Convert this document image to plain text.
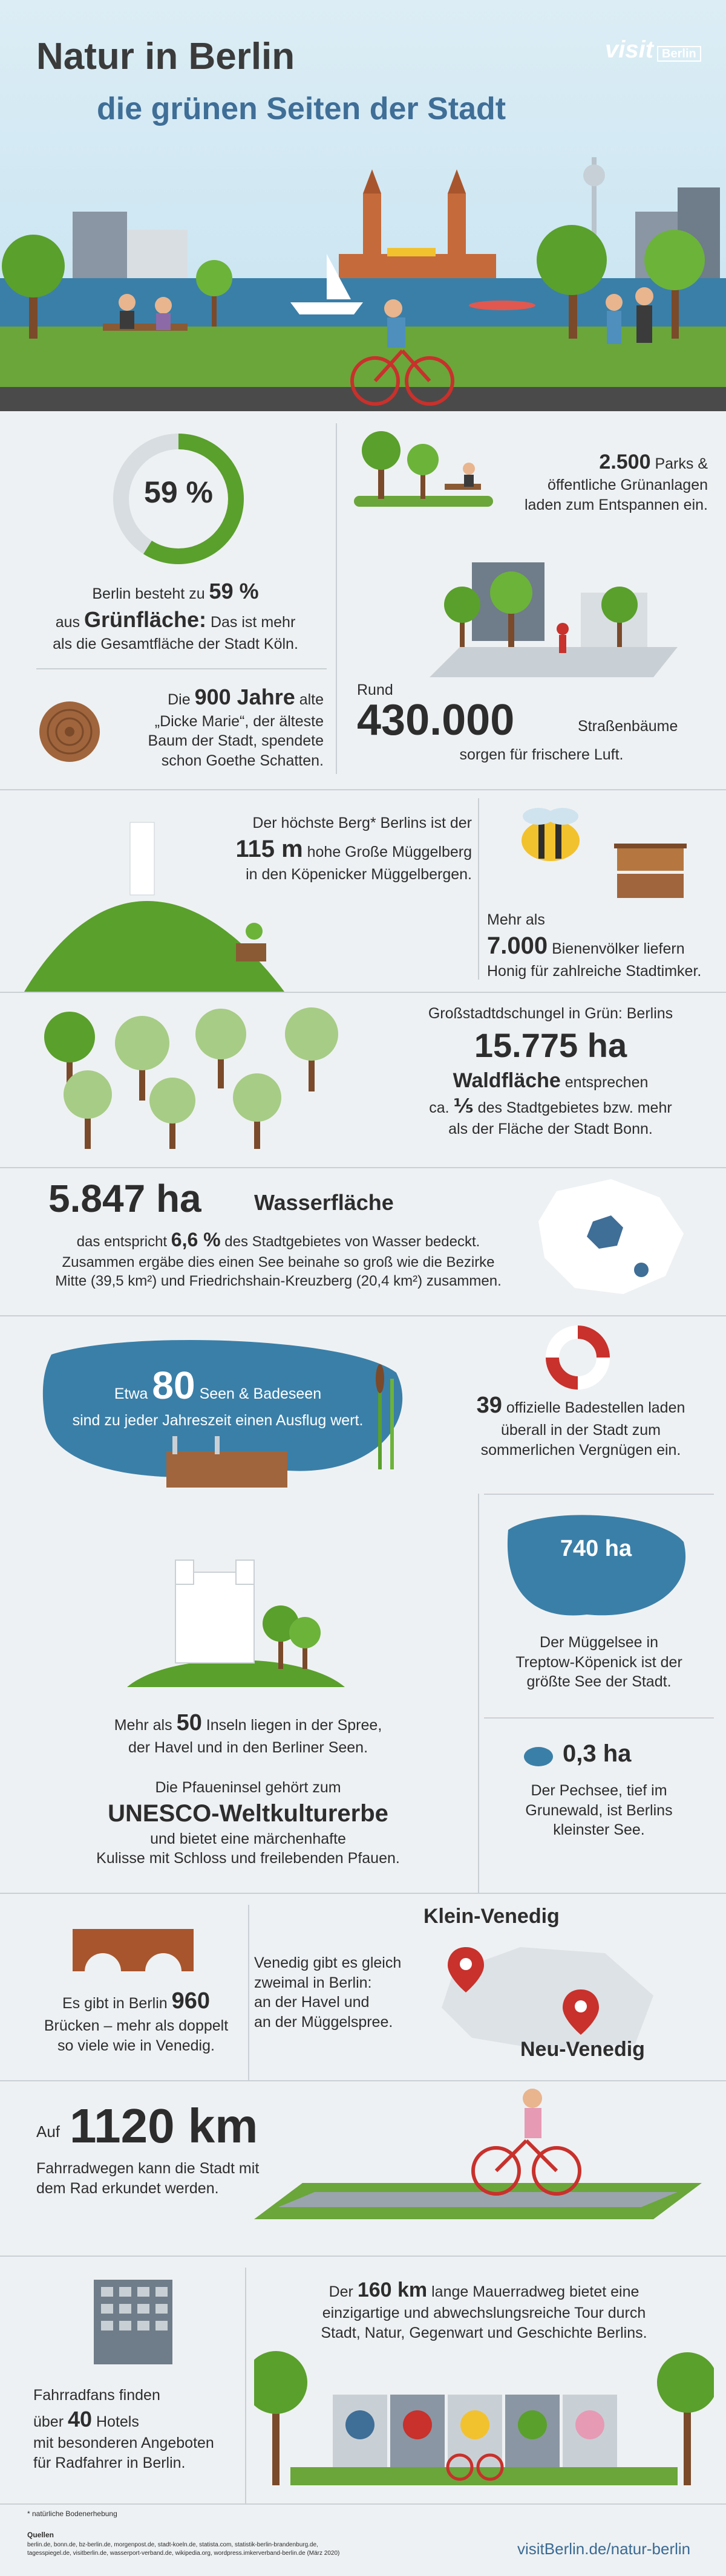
Natur in Berlin
die grünen Seiten der Stadt
visit Berlin
59 %
Berlin besteht zu 59 %
aus Grünfläche: Das ist mehr
als die Gesamtfläche der Stadt Köln.
2.500 Parks &
öffentliche Grünanlagen
laden zum Entspannen ein.
Rund
430.000	Straßenbäume
sorgen für frischere Luft.
Die 900 Jahre alte
„Dicke Marie“, der älteste
Baum der Stadt, spendete
schon Goethe Schatten.
Der höchste Berg* Berlins ist der
115 m hohe Große Müggelberg
in den Köpenicker Müggelbergen.
Mehr als
7.000 Bienenvölker liefern
Honig für zahlreiche Stadtimker.
Großstadtdschungel in Grün: Berlins
15.775 ha
Waldfläche entsprechen
ca. ⅕ des Stadtgebietes bzw. mehr
als der Fläche der Stadt Bonn.
5.847 ha Wasserfläche
das entspricht 6,6 % des Stadtgebietes von Wasser bedeckt.
Zusammen ergäbe dies einen See beinahe so groß wie die Bezirke
Mitte (39,5 km²) und Friedrichshain-Kreuzberg (20,4 km²) zusammen.
Etwa 80 Seen & Badeseen
sind zu jeder Jahreszeit einen Ausflug wert.
39 offizielle Badestellen laden
überall in der Stadt zum
sommerlichen Vergnügen ein.
740 ha
Der Müggelsee in
Treptow-Köpenick ist der
größte See der Stadt.
0,3 ha
Der Pechsee, tief im
Grunewald, ist Berlins
kleinster See.
Mehr als 50 Inseln liegen in der Spree,
der Havel und in den Berliner Seen.
Die Pfaueninsel gehört zum
UNESCO-Weltkulturerbe
und bietet eine märchenhafte
Kulisse mit Schloss und freilebenden Pfauen.
Es gibt in Berlin 960
Brücken – mehr als doppelt
so viele wie in Venedig.
Klein-Venedig
Venedig gibt es gleich
zweimal in Berlin:
an der Havel und
an der Müggelspree.
Neu-Venedig
Auf 1120 km
Fahrradwegen kann die Stadt mit
dem Rad erkundet werden.
Fahrradfans finden
über 40 Hotels
mit besonderen Angeboten
für Radfahrer in Berlin.
Der 160 km lange Mauerradweg bietet eine
einzigartige und abwechslungsreiche Tour durch
Stadt, Natur, Gegenwart und Geschichte Berlins.
* natürliche Bodenerhebung
Quellen
berlin.de, bonn.de, bz-berlin.de, morgenpost.de, stadt-koeln.de, statista.com, statistik-berlin-brandenburg.de,
tagesspiegel.de, visitberlin.de, wasserport-verband.de, wikipedia.org, wordpress.imkerverband-berlin.de (März 2020)	visitBerlin.de/natur-berlin
